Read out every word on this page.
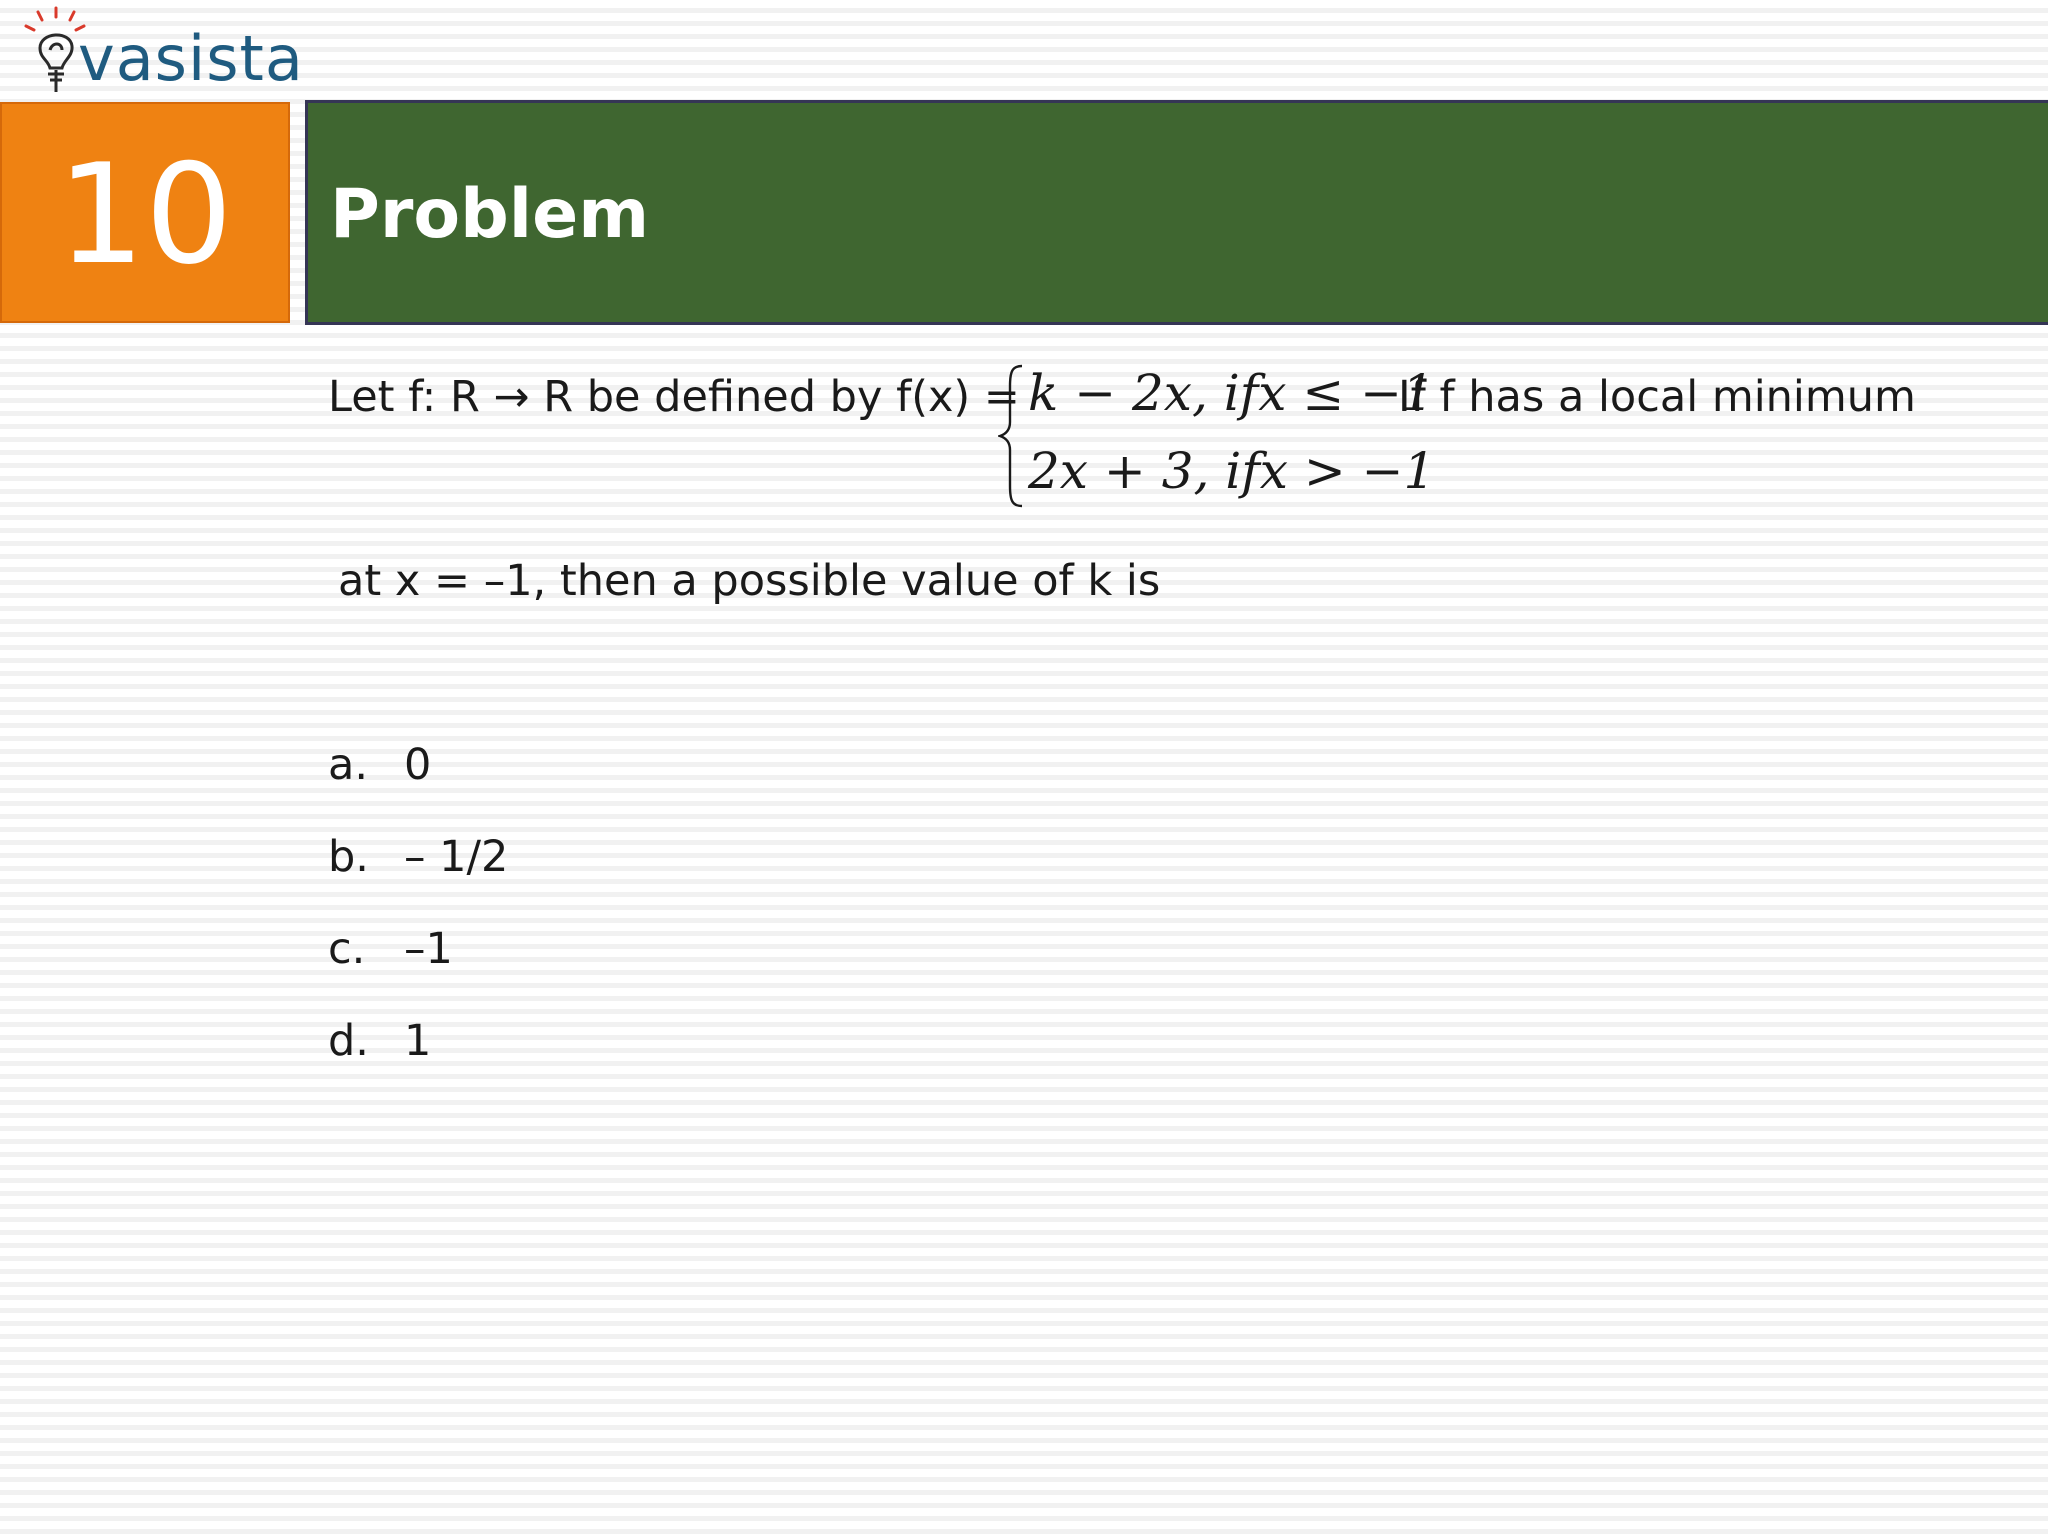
vasista
10 Problem
Let f: R → R be defined by f(x) = k − 2x, ifx ≤ −1
2x + 3, ifx > −1
If f has a local minimum
at x = –1, then a possible value of k is
a. 0
b. – 1/2
c. –1
d. 1
